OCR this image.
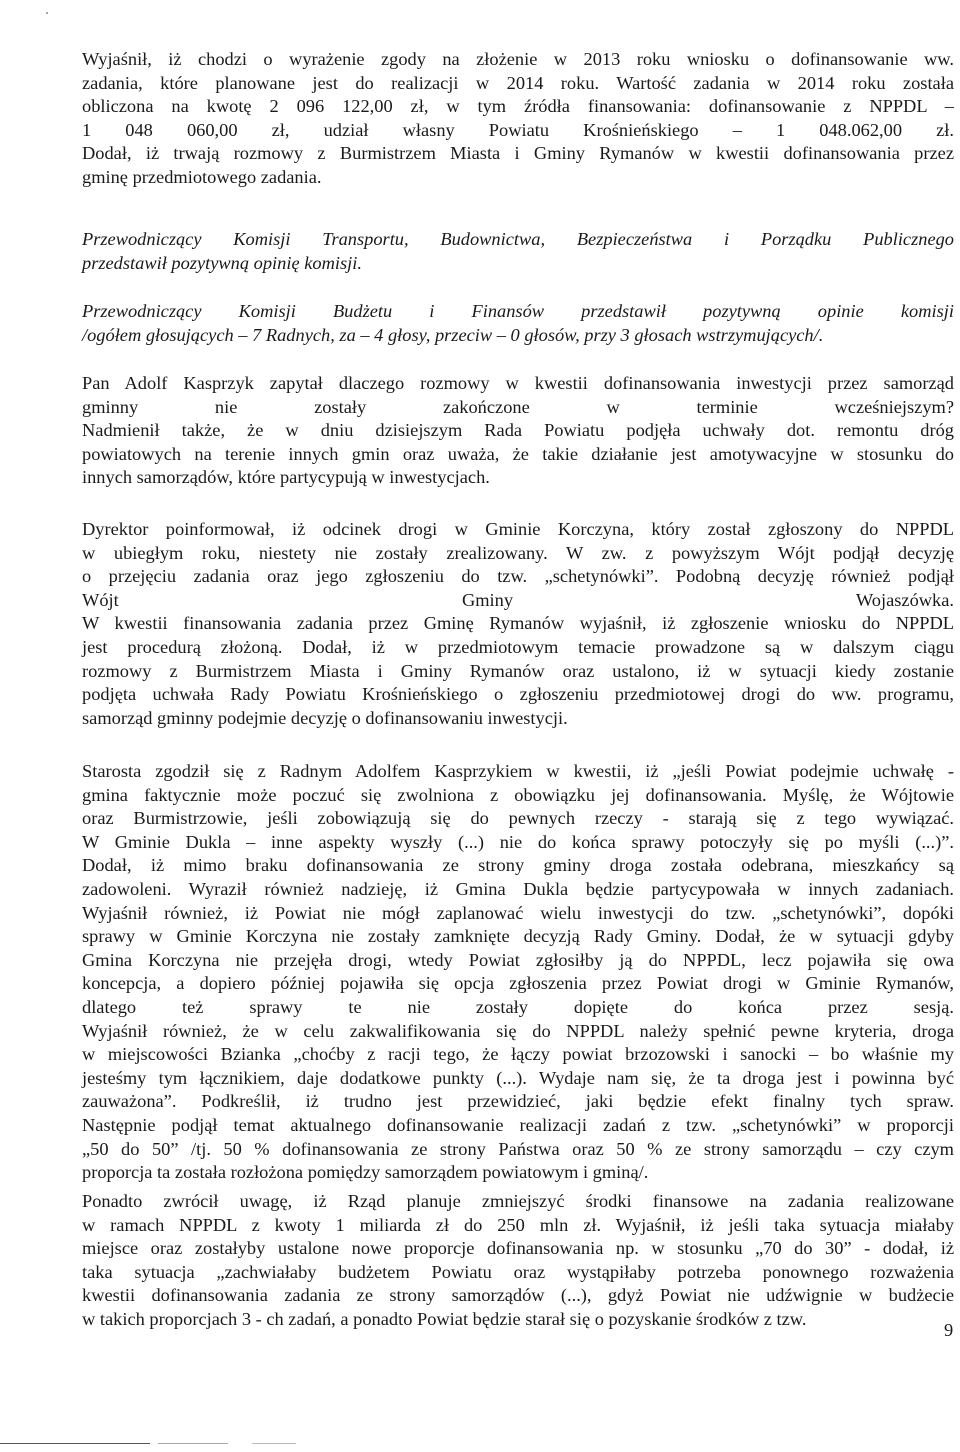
Wyjaśnił, iż chodzi o wyrażenie zgody na złożenie w 2013 roku wniosku o dofinansowanie ww.
zadania, które planowane jest do realizacji w 2014 roku. Wartość zadania w 2014 roku została
obliczona na kwotę 2 096 122,00 zł, w tym źródła finansowania: dofinansowanie z NPPDL –
1 048 060,00 zł, udział własny Powiatu Krośnieńskiego – 1 048.062,00 zł.
Dodał, iż trwają rozmowy z Burmistrzem Miasta i Gminy Rymanów w kwestii dofinansowania przez
gminę przedmiotowego zadania.
Przewodniczący Komisji Transportu, Budownictwa, Bezpieczeństwa i Porządku Publicznego
przedstawił pozytywną opinię komisji.
Przewodniczący Komisji Budżetu i Finansów przedstawił pozytywną opinie komisji
/ogółem głosujących – 7 Radnych, za – 4 głosy, przeciw – 0 głosów, przy 3 głosach wstrzymujących/.
Pan Adolf Kasprzyk zapytał dlaczego rozmowy w kwestii dofinansowania inwestycji przez samorząd
gminny nie zostały zakończone w terminie wcześniejszym?
Nadmienił także, że w dniu dzisiejszym Rada Powiatu podjęła uchwały dot. remontu dróg
powiatowych na terenie innych gmin oraz uważa, że takie działanie jest amotywacyjne w stosunku do
innych samorządów, które partycypują w inwestycjach.
Dyrektor poinformował, iż odcinek drogi w Gminie Korczyna, który został zgłoszony do NPPDL
w ubiegłym roku, niestety nie zostały zrealizowany. W zw. z powyższym Wójt podjął decyzję
o przejęciu zadania oraz jego zgłoszeniu do tzw. „schetynówki”. Podobną decyzję również podjął
Wójt Gminy Wojaszówka.
W kwestii finansowania zadania przez Gminę Rymanów wyjaśnił, iż zgłoszenie wniosku do NPPDL
jest procedurą złożoną. Dodał, iż w przedmiotowym temacie prowadzone są w dalszym ciągu
rozmowy z Burmistrzem Miasta i Gminy Rymanów oraz ustalono, iż w sytuacji kiedy zostanie
podjęta uchwała Rady Powiatu Krośnieńskiego o zgłoszeniu przedmiotowej drogi do ww. programu,
samorząd gminny podejmie decyzję o dofinansowaniu inwestycji.
Starosta zgodził się z Radnym Adolfem Kasprzykiem w kwestii, iż „jeśli Powiat podejmie uchwałę -
gmina faktycznie może poczuć się zwolniona z obowiązku jej dofinansowania. Myślę, że Wójtowie
oraz Burmistrzowie, jeśli zobowiązują się do pewnych rzeczy - starają się z tego wywiązać.
W Gminie Dukla – inne aspekty wyszły (...) nie do końca sprawy potoczyły się po myśli (...)”.
Dodał, iż mimo braku dofinansowania ze strony gminy droga została odebrana, mieszkańcy są
zadowoleni. Wyraził również nadzieję, iż Gmina Dukla będzie partycypowała w innych zadaniach.
Wyjaśnił również, iż Powiat nie mógł zaplanować wielu inwestycji do tzw. „schetynówki”, dopóki
sprawy w Gminie Korczyna nie zostały zamknięte decyzją Rady Gminy. Dodał, że w sytuacji gdyby
Gmina Korczyna nie przejęła drogi, wtedy Powiat zgłosiłby ją do NPPDL, lecz pojawiła się owa
koncepcja, a dopiero później pojawiła się opcja zgłoszenia przez Powiat drogi w Gminie Rymanów,
dlatego też sprawy te nie zostały dopięte do końca przez sesją.
Wyjaśnił również, że w celu zakwalifikowania się do NPPDL należy spełnić pewne kryteria, droga
w miejscowości Bzianka „choćby z racji tego, że łączy powiat brzozowski i sanocki – bo właśnie my
jesteśmy tym łącznikiem, daje dodatkowe punkty (...). Wydaje nam się, że ta droga jest i powinna być
zauważona”. Podkreślił, iż trudno jest przewidzieć, jaki będzie efekt finalny tych spraw.
Następnie podjął temat aktualnego dofinansowanie realizacji zadań z tzw. „schetynówki” w proporcji
„50 do 50” /tj. 50 % dofinansowania ze strony Państwa oraz 50 % ze strony samorządu – czy czym
proporcja ta została rozłożona pomiędzy samorządem powiatowym i gminą/.
Ponadto zwrócił uwagę, iż Rząd planuje zmniejszyć środki finansowe na zadania realizowane
w ramach NPPDL z kwoty 1 miliarda zł do 250 mln zł. Wyjaśnił, iż jeśli taka sytuacja miałaby
miejsce oraz zostałyby ustalone nowe proporcje dofinansowania np. w stosunku „70 do 30” - dodał, iż
taka sytuacja „zachwiałaby budżetem Powiatu oraz wystąpiłaby potrzeba ponownego rozważenia
kwestii dofinansowania zadania ze strony samorządów (...), gdyż Powiat nie udźwignie w budżecie
w takich proporcjach 3 - ch zadań, a ponadto Powiat będzie starał się o pozyskanie środków z tzw.
9
